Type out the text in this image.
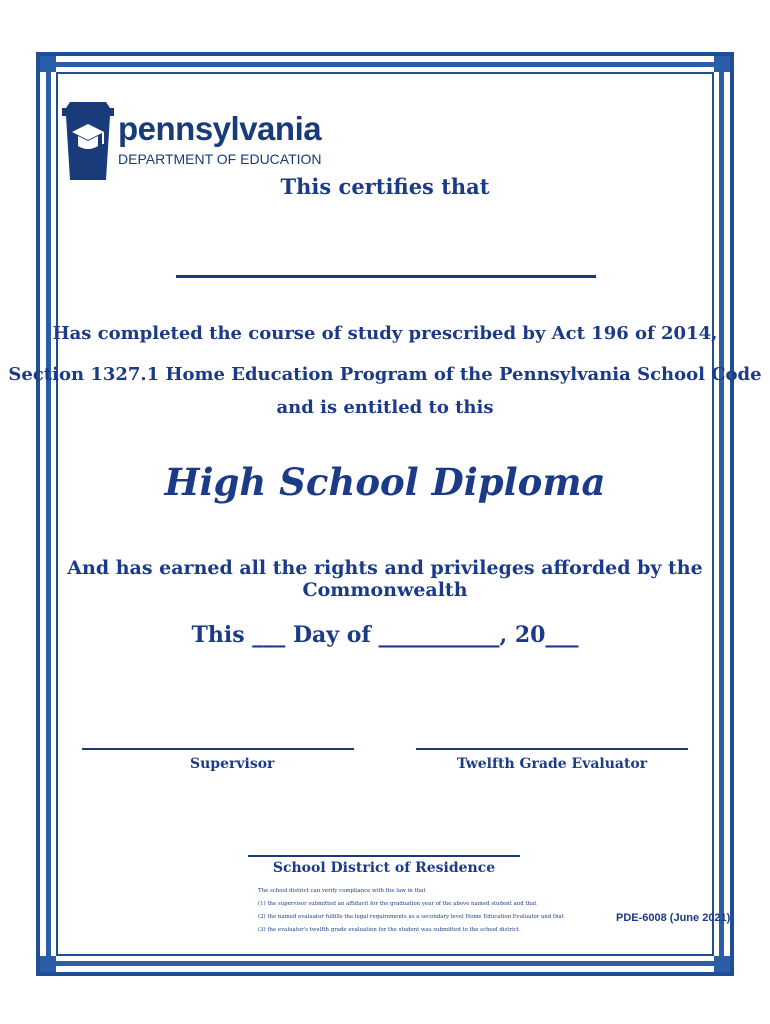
pennsylvania
DEPARTMENT OF EDUCATION
This certifies that
Has completed the course of study prescribed by Act 196 of 2014,
Section 1327.1 Home Education Program of the Pennsylvania School Code
and is entitled to this
High School Diploma
And has earned all the rights and privileges afforded by the Commonwealth
This ___ Day of ___________, 20___
Supervisor	Twelfth Grade Evaluator
School District of Residence
The school district can verify compliance with the law in that
(1) the supervisor submitted an affidavit for the graduation year of the above named student and that
(2) the named evaluator fulfills the legal requirements as a secondary level Home Education Evaluator and that
(3) the evaluator's twelfth grade evaluation for the student was submitted to the school district.
PDE-6008 (June 2021)
